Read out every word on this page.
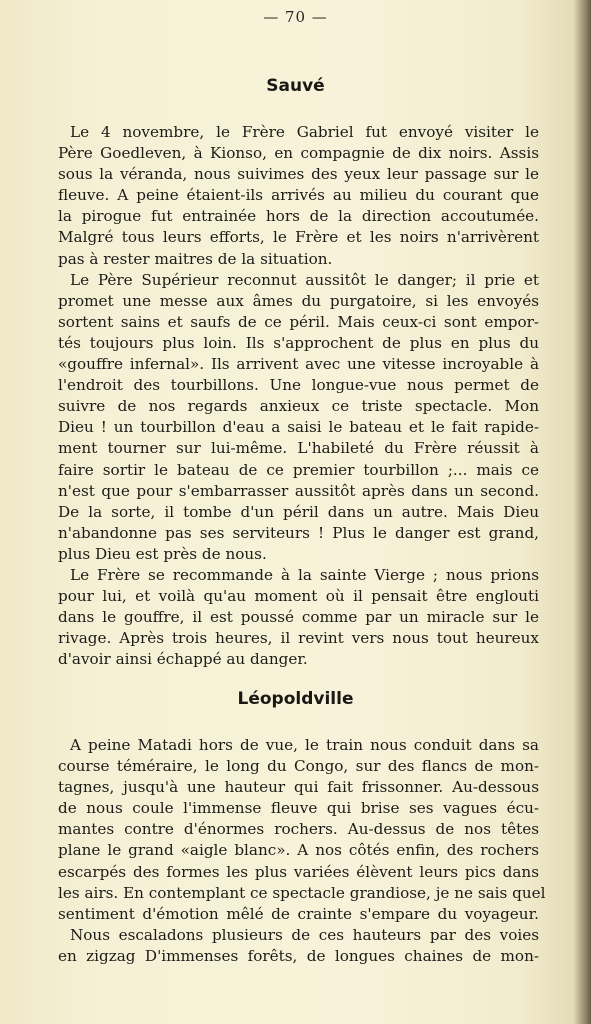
— 70 —
Sauvé
Le 4 novembre, le Frère Gabriel fut envoyé visiter le
Père Goedleven, à Kionso, en compagnie de dix noirs. Assis
sous la véranda, nous suivimes des yeux leur passage sur le
fleuve. A peine étaient-ils arrivés au milieu du courant que
la pirogue fut entrainée hors de la direction accoutumée.
Malgré tous leurs efforts, le Frère et les noirs n'arrivèrent
pas à rester maitres de la situation.
Le Père Supérieur reconnut aussitôt le danger; il prie et
promet une messe aux âmes du purgatoire, si les envoyés
sortent sains et saufs de ce péril. Mais ceux-ci sont empor-
tés toujours plus loin. Ils s'approchent de plus en plus du
«gouffre infernal». Ils arrivent avec une vitesse incroyable à
l'endroit des tourbillons. Une longue-vue nous permet de
suivre de nos regards anxieux ce triste spectacle. Mon
Dieu ! un tourbillon d'eau a saisi le bateau et le fait rapide-
ment tourner sur lui-même. L'habileté du Frère réussit à
faire sortir le bateau de ce premier tourbillon ;... mais ce
n'est que pour s'embarrasser aussitôt après dans un second.
De la sorte, il tombe d'un péril dans un autre. Mais Dieu
n'abandonne pas ses serviteurs ! Plus le danger est grand,
plus Dieu est près de nous.
Le Frère se recommande à la sainte Vierge ; nous prions
pour lui, et voilà qu'au moment où il pensait être englouti
dans le gouffre, il est poussé comme par un miracle sur le
rivage. Après trois heures, il revint vers nous tout heureux
d'avoir ainsi échappé au danger.
Léopoldville
A peine Matadi hors de vue, le train nous conduit dans sa
course téméraire, le long du Congo, sur des flancs de mon-
tagnes, jusqu'à une hauteur qui fait frissonner. Au-dessous
de nous coule l'immense fleuve qui brise ses vagues écu-
mantes contre d'énormes rochers. Au-dessus de nos têtes
plane le grand «aigle blanc». A nos côtés enfin, des rochers
escarpés des formes les plus variées élèvent leurs pics dans
les airs. En contemplant ce spectacle grandiose, je ne sais quel
sentiment d'émotion mêlé de crainte s'empare du voyageur.
Nous escaladons plusieurs de ces hauteurs par des voies
en zigzag D'immenses forêts, de longues chaines de mon-
